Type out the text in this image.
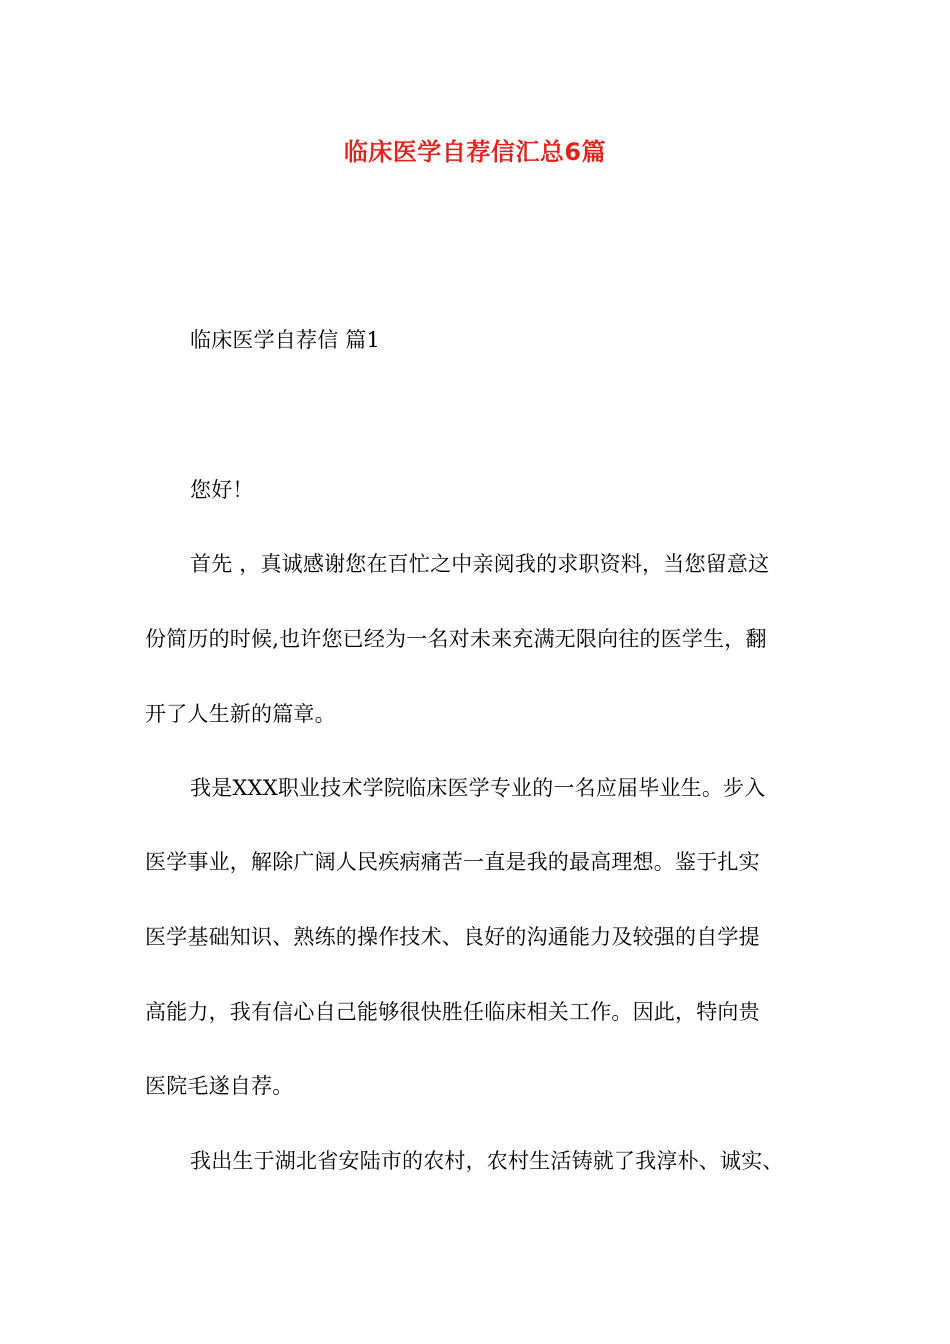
临床医学自荐信汇总6篇
临床医学自荐信 篇1
您好！
首先 ，真诚感谢您在百忙之中亲阅我的求职资料，当您留意这
份简历的时候,也许您已经为一名对未来充满无限向往的医学生，翻
开了人生新的篇章。
我是XXX职业技术学院临床医学专业的一名应届毕业生。步入
医学事业，解除广阔人民疾病痛苦一直是我的最高理想。鉴于扎实
医学基础知识、熟练的操作技术、良好的沟通能力及较强的自学提
高能力，我有信心自己能够很快胜任临床相关工作。因此，特向贵
医院毛遂自荐。
我出生于湖北省安陆市的农村，农村生活铸就了我淳朴、诚实、
